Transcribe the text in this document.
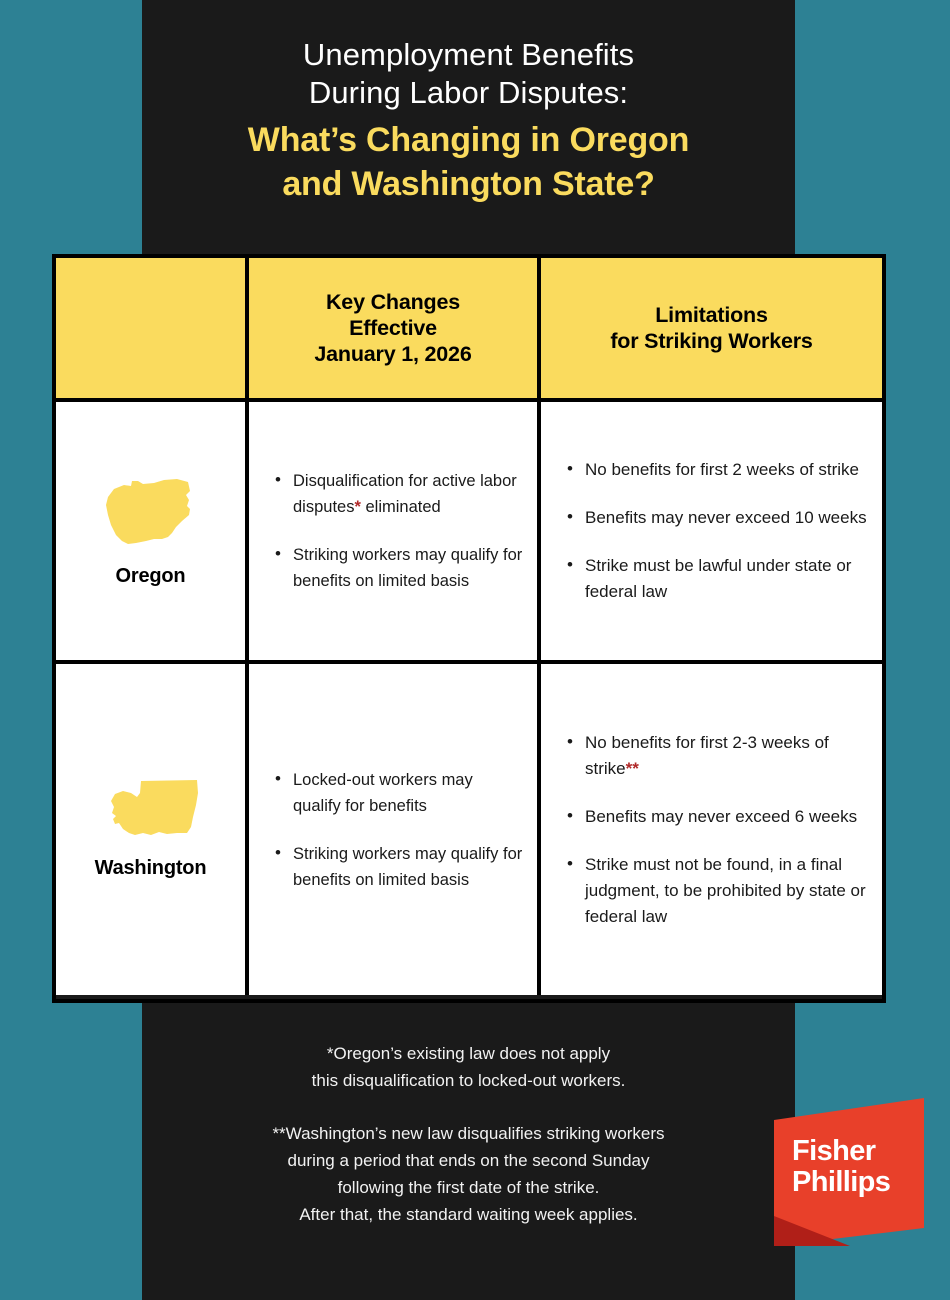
Unemployment Benefits
During Labor Disputes:
What’s Changing in Oregon
and Washington State?
Key Changes
Effective
January 1, 2026
Limitations
for Striking Workers
Oregon
• Disqualification for active labor disputes* eliminated
• Striking workers may qualify for benefits on limited basis
• No benefits for first 2 weeks of strike
• Benefits may never exceed 10 weeks
• Strike must be lawful under state or federal law
Washington
• Locked-out workers may qualify for benefits
• Striking workers may qualify for benefits on limited basis
• No benefits for first 2-3 weeks of strike**
• Benefits may never exceed 6 weeks
• Strike must not be found, in a final judgment, to be prohibited by state or federal law
*Oregon’s existing law does not apply
this disqualification to locked-out workers.
**Washington’s new law disqualifies striking workers
during a period that ends on the second Sunday
following the first date of the strike.
After that, the standard waiting week applies.
Fisher
Phillips
